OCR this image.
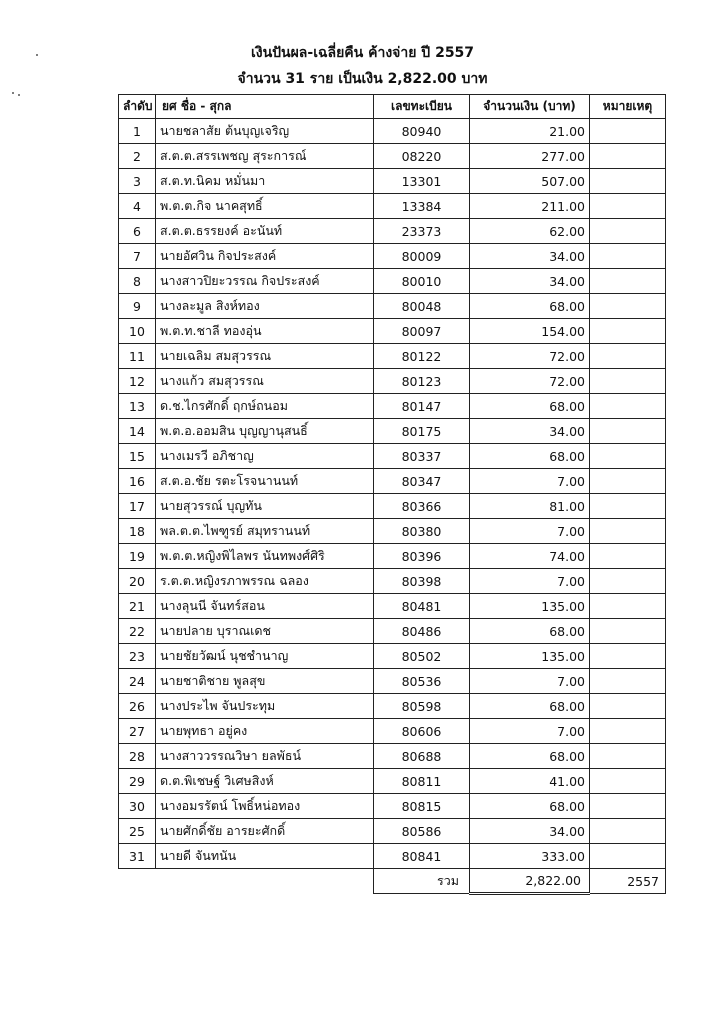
เงินปันผล-เฉลี่ยคืน ค้างจ่าย ปี 2557
จำนวน 31 ราย เป็นเงิน 2,822.00 บาท
ลำดับ	ยศ ชื่อ - สุกล	เลขทะเบียน	จำนวนเงิน (บาท)	หมายเหตุ
1	นายชลาสัย ต้นบุญเจริญ	80940	21.00	
2	ส.ต.ต.สรรเพชญ สุระการณ์	08220	277.00	
3	ส.ต.ท.นิคม หมั่นมา	13301	507.00	
4	พ.ต.ต.กิจ นาคสุทธิ์	13384	211.00	
6	ส.ต.ต.ธรรยงค์ อะนันท์	23373	62.00	
7	นายอัศวิน กิจประสงค์	80009	34.00	
8	นางสาวปิยะวรรณ กิจประสงค์	80010	34.00	
9	นางละมูล สิงห์ทอง	80048	68.00	
10	พ.ต.ท.ชาลี ทองอุ่น	80097	154.00	
11	นายเฉลิม สมสุวรรณ	80122	72.00	
12	นางแก้ว สมสุวรรณ	80123	72.00	
13	ด.ช.ไกรศักดิ์ ฤกษ์ถนอม	80147	68.00	
14	พ.ต.อ.ออมสิน บุญญานุสนธิ์	80175	34.00	
15	นางเมรวี อภิชาญ	80337	68.00	
16	ส.ต.อ.ชัย รตะโรจนานนท์	80347	7.00	
17	นายสุวรรณ์ บุญทัน	80366	81.00	
18	พล.ต.ต.ไพฑูรย์ สมุทรานนท์	80380	7.00	
19	พ.ต.ต.หญิงพิไลพร นันทพงศ์ศิริ	80396	74.00	
20	ร.ต.ต.หญิงรภาพรรณ ฉลอง	80398	7.00	
21	นางลุนนี จันทร์สอน	80481	135.00	
22	นายปลาย บุราณเดช	80486	68.00	
23	นายชัยวัฒน์ นุชชำนาญ	80502	135.00	
24	นายชาติชาย พูลสุข	80536	7.00	
26	นางประไพ จันประทุม	80598	68.00	
27	นายพุทธา อยู่คง	80606	7.00	
28	นางสาววรรณวิษา ยลพัธน์	80688	68.00	
29	ด.ต.พิเชษฐ์ วิเศษสิงห์	80811	41.00	
30	นางอมรรัตน์ โพธิ์หน่อทอง	80815	68.00	
25	นายศักดิ์ชัย อารยะศักดิ์	80586	34.00	
31	นายดี จันทนัน	80841	333.00	
		รวม	2,822.00	2557
